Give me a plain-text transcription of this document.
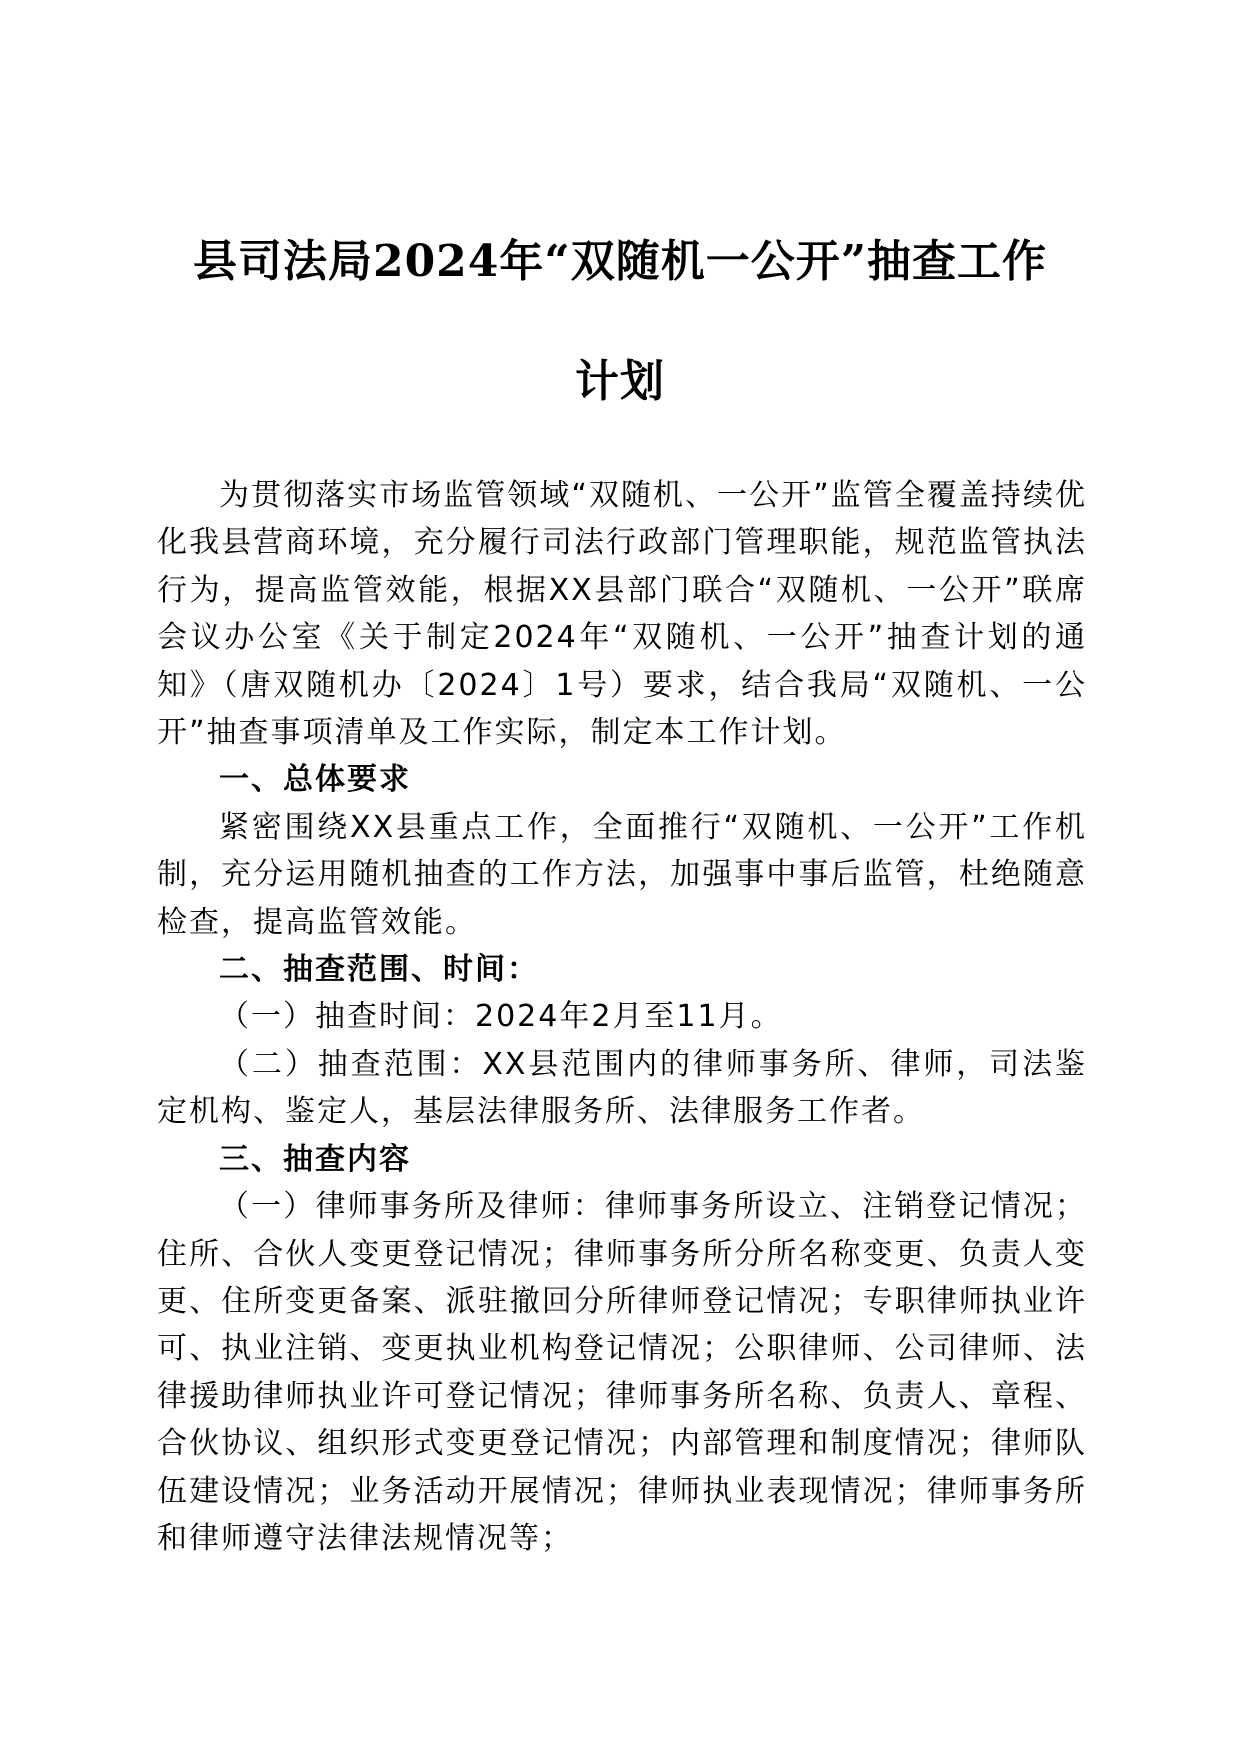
县司法局2024年“双随机一公开”抽查工作
计划

为贯彻落实市场监管领域“双随机、一公开”监管全覆盖持续优化我县营商环境，充分履行司法行政部门管理职能，规范监管执法行为，提高监管效能，根据XX县部门联合“双随机、一公开”联席会议办公室《关于制定2024年“双随机、一公开”抽查计划的通知》（唐双随机办〔2024〕1号）要求，结合我局“双随机、一公开”抽查事项清单及工作实际，制定本工作计划。

一、总体要求

紧密围绕XX县重点工作，全面推行“双随机、一公开”工作机制，充分运用随机抽查的工作方法，加强事中事后监管，杜绝随意检查，提高监管效能。

二、抽查范围、时间：

（一）抽查时间：2024年2月至11月。

（二）抽查范围：XX县范围内的律师事务所、律师，司法鉴定机构、鉴定人，基层法律服务所、法律服务工作者。

三、抽查内容

（一）律师事务所及律师：律师事务所设立、注销登记情况；住所、合伙人变更登记情况；律师事务所分所名称变更、负责人变更、住所变更备案、派驻撤回分所律师登记情况；专职律师执业许可、执业注销、变更执业机构登记情况；公职律师、公司律师、法律援助律师执业许可登记情况；律师事务所名称、负责人、章程、合伙协议、组织形式变更登记情况；内部管理和制度情况；律师队伍建设情况；业务活动开展情况；律师执业表现情况；律师事务所和律师遵守法律法规情况等；
